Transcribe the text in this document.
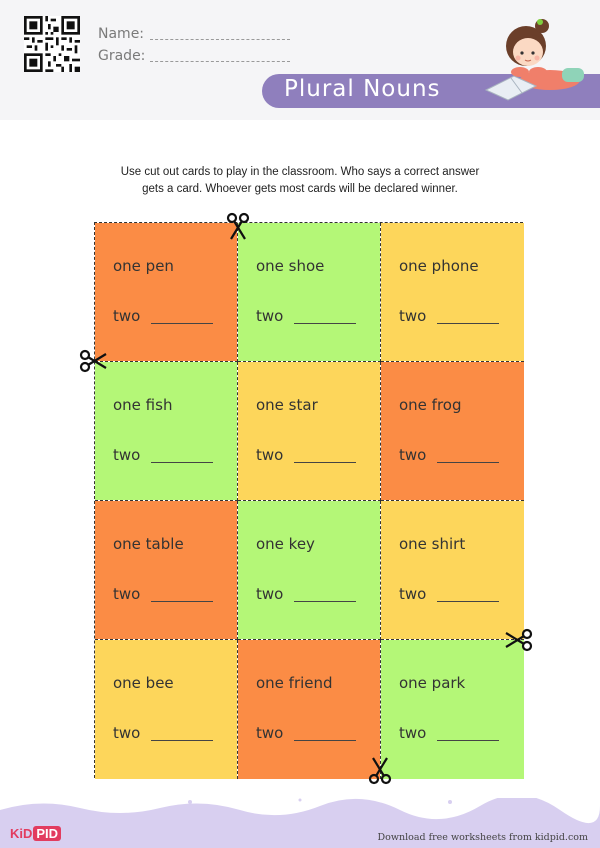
Name:
Grade:
Plural Nouns
Use cut out cards to play in the classroom. Who says a correct answer
gets a card. Whoever gets most cards will be declared winner.
one pen
two
one shoe
two
one phone
two
one fish
two
one star
two
one frog
two
one table
two
one key
two
one shirt
two
one bee
two
one friend
two
one park
two
KiD PID	Download free worksheets from kidpid.com
